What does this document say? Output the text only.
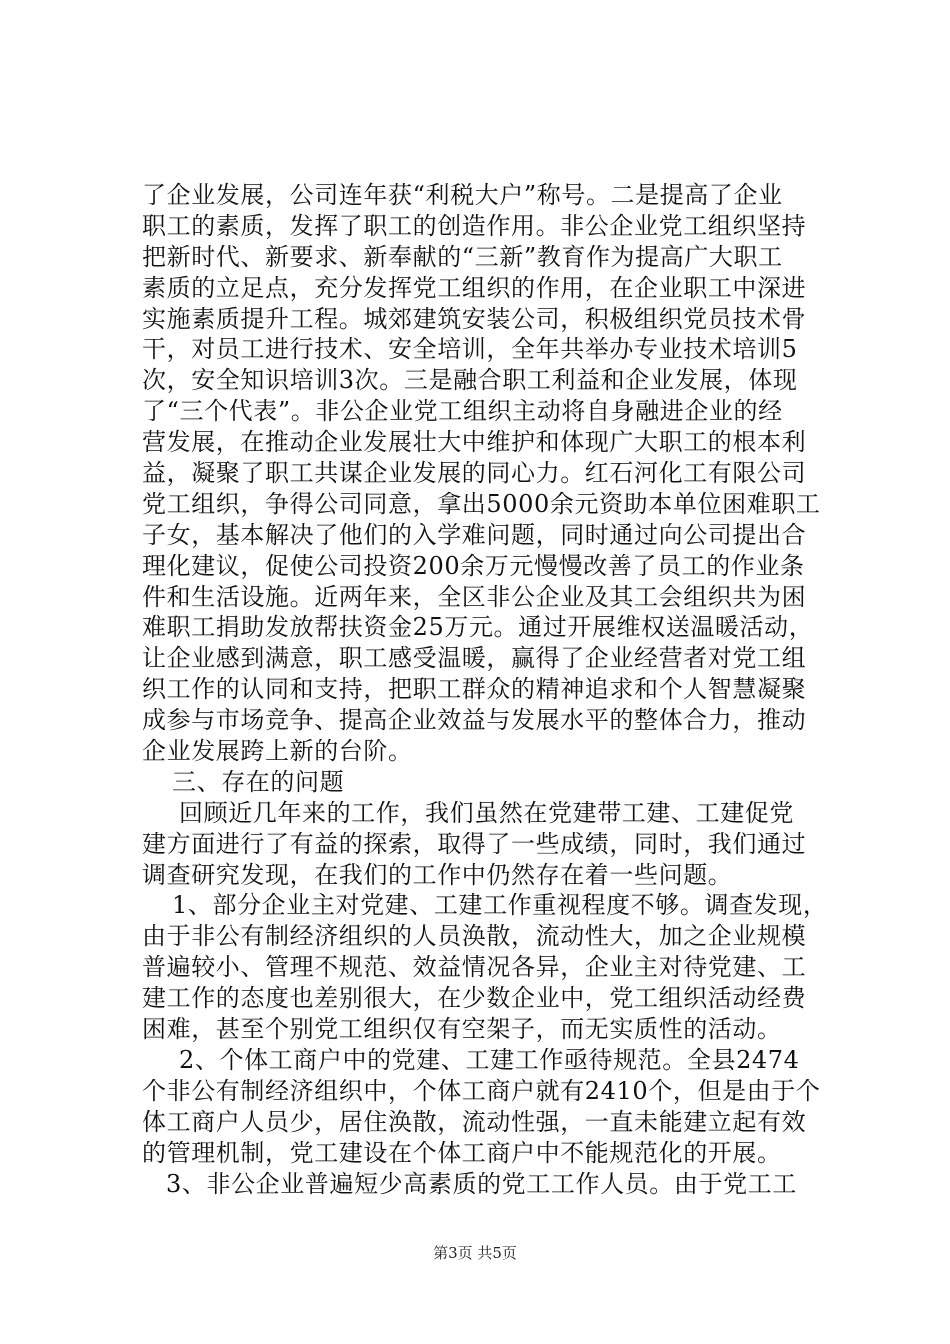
了企业发展，公司连年获“利税大户”称号。二是提高了企业
职工的素质，发挥了职工的创造作用。非公企业党工组织坚持
把新时代、新要求、新奉献的“三新”教育作为提高广大职工
素质的立足点，充分发挥党工组织的作用，在企业职工中深进
实施素质提升工程。城郊建筑安装公司，积极组织党员技术骨
干，对员工进行技术、安全培训，全年共举办专业技术培训5
次，安全知识培训3次。三是融合职工利益和企业发展，体现
了“三个代表”。非公企业党工组织主动将自身融进企业的经
营发展，在推动企业发展壮大中维护和体现广大职工的根本利
益，凝聚了职工共谋企业发展的同心力。红石河化工有限公司
党工组织，争得公司同意，拿出5000余元资助本单位困难职工
子女，基本解决了他们的入学难问题，同时通过向公司提出合
理化建议，促使公司投资200余万元慢慢改善了员工的作业条
件和生活设施。近两年来，全区非公企业及其工会组织共为困
难职工捐助发放帮扶资金25万元。通过开展维权送温暖活动，
让企业感到满意，职工感受温暖，赢得了企业经营者对党工组
织工作的认同和支持，把职工群众的精神追求和个人智慧凝聚
成参与市场竞争、提高企业效益与发展水平的整体合力，推动
企业发展跨上新的台阶。
三、存在的问题
回顾近几年来的工作，我们虽然在党建带工建、工建促党
建方面进行了有益的探索，取得了一些成绩，同时，我们通过
调查研究发现，在我们的工作中仍然存在着一些问题。
1、部分企业主对党建、工建工作重视程度不够。调查发现，
由于非公有制经济组织的人员涣散，流动性大，加之企业规模
普遍较小、管理不规范、效益情况各异，企业主对待党建、工
建工作的态度也差别很大，在少数企业中，党工组织活动经费
困难，甚至个别党工组织仅有空架子，而无实质性的活动。
2、个体工商户中的党建、工建工作亟待规范。全县2474
个非公有制经济组织中，个体工商户就有2410个，但是由于个
体工商户人员少，居住涣散，流动性强，一直未能建立起有效
的管理机制，党工建设在个体工商户中不能规范化的开展。
3、非公企业普遍短少高素质的党工工作人员。由于党工工
第3页 共5页
